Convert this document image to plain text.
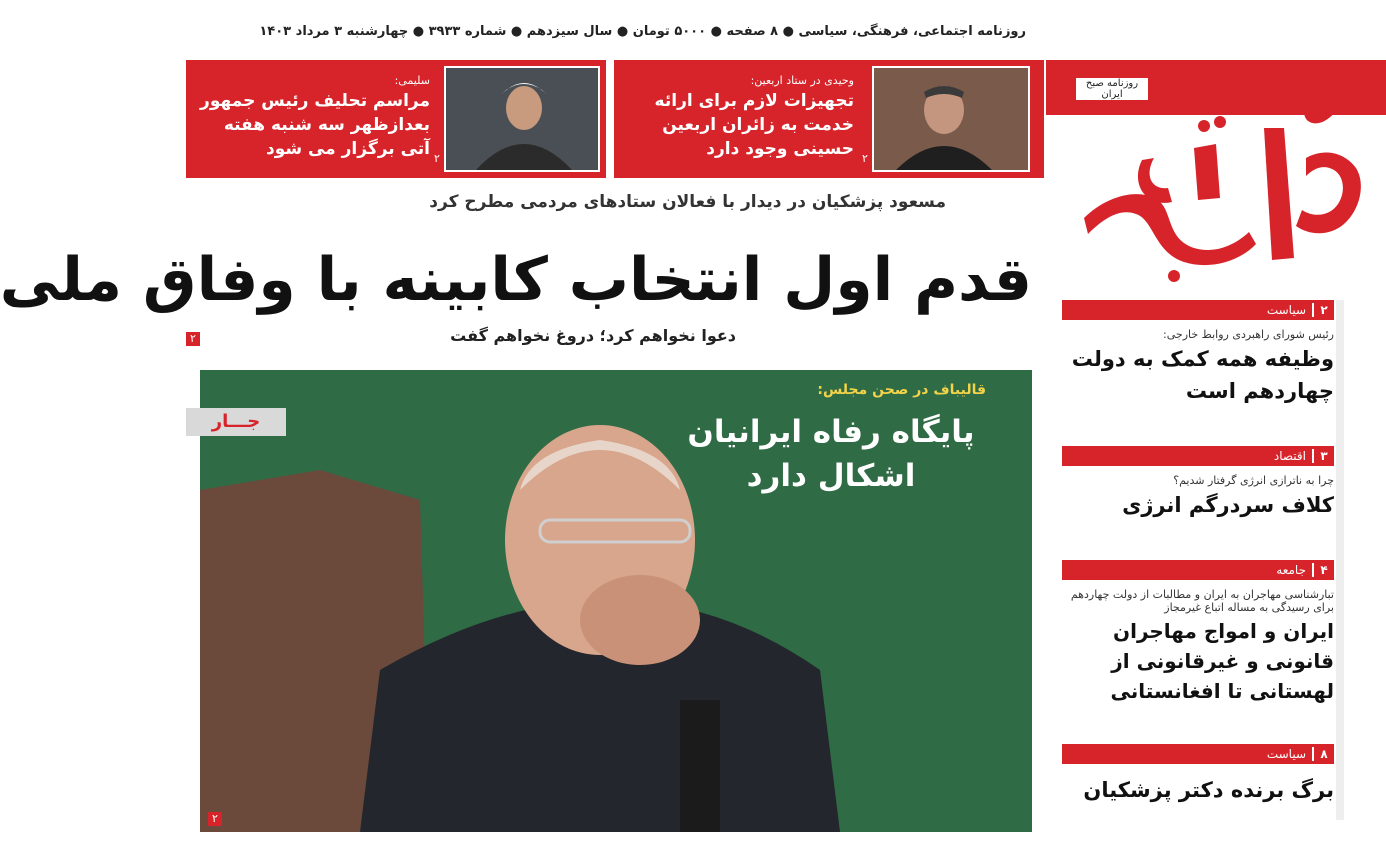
روزنامه اجتماعی، فرهنگی، سیاسی ● ۸ صفحه ● ۵۰۰۰ تومان ● سال سیزدهم ● شماره ۳۹۳۳ ● چهارشنبه ۳ مرداد ۱۴۰۳
روزنامه صبح ایران
سلیمی:
مراسم تحلیف رئیس جمهور بعدازظهر سه شنبه هفته آتی برگزار می شود ۲
وحیدی در ستاد اربعین:
تجهیزات لازم برای ارائه خدمت به زائران اربعین حسینی وجود دارد ۲
مسعود پزشکیان در دیدار با فعالان ستادهای مردمی مطرح کرد
قدم اول انتخاب کابینه با وفاق ملی
دعوا نخواهم کرد؛ دروغ نخواهم گفت
۲
قالیباف در صحن مجلس:
پایگاه رفاه ایرانیان اشکال دارد
جـــار
۲
۲
سیاست
رئیس شورای راهبردی روابط خارجی:
وظیفه همه کمک به دولت چهاردهم است
۳
اقتصاد
چرا به ناترازی انرژی گرفتار شدیم؟
کلاف سردرگم انرژی
۴
جامعه
تبارشناسی مهاجران به ایران و مطالبات از دولت چهاردهم برای رسیدگی به مساله اتباع غیرمجاز
ایران و امواج مهاجران قانونی و غیرقانونی از لهستانی تا افغانستانی
۸
سیاست
برگ برنده دکتر پزشکیان
